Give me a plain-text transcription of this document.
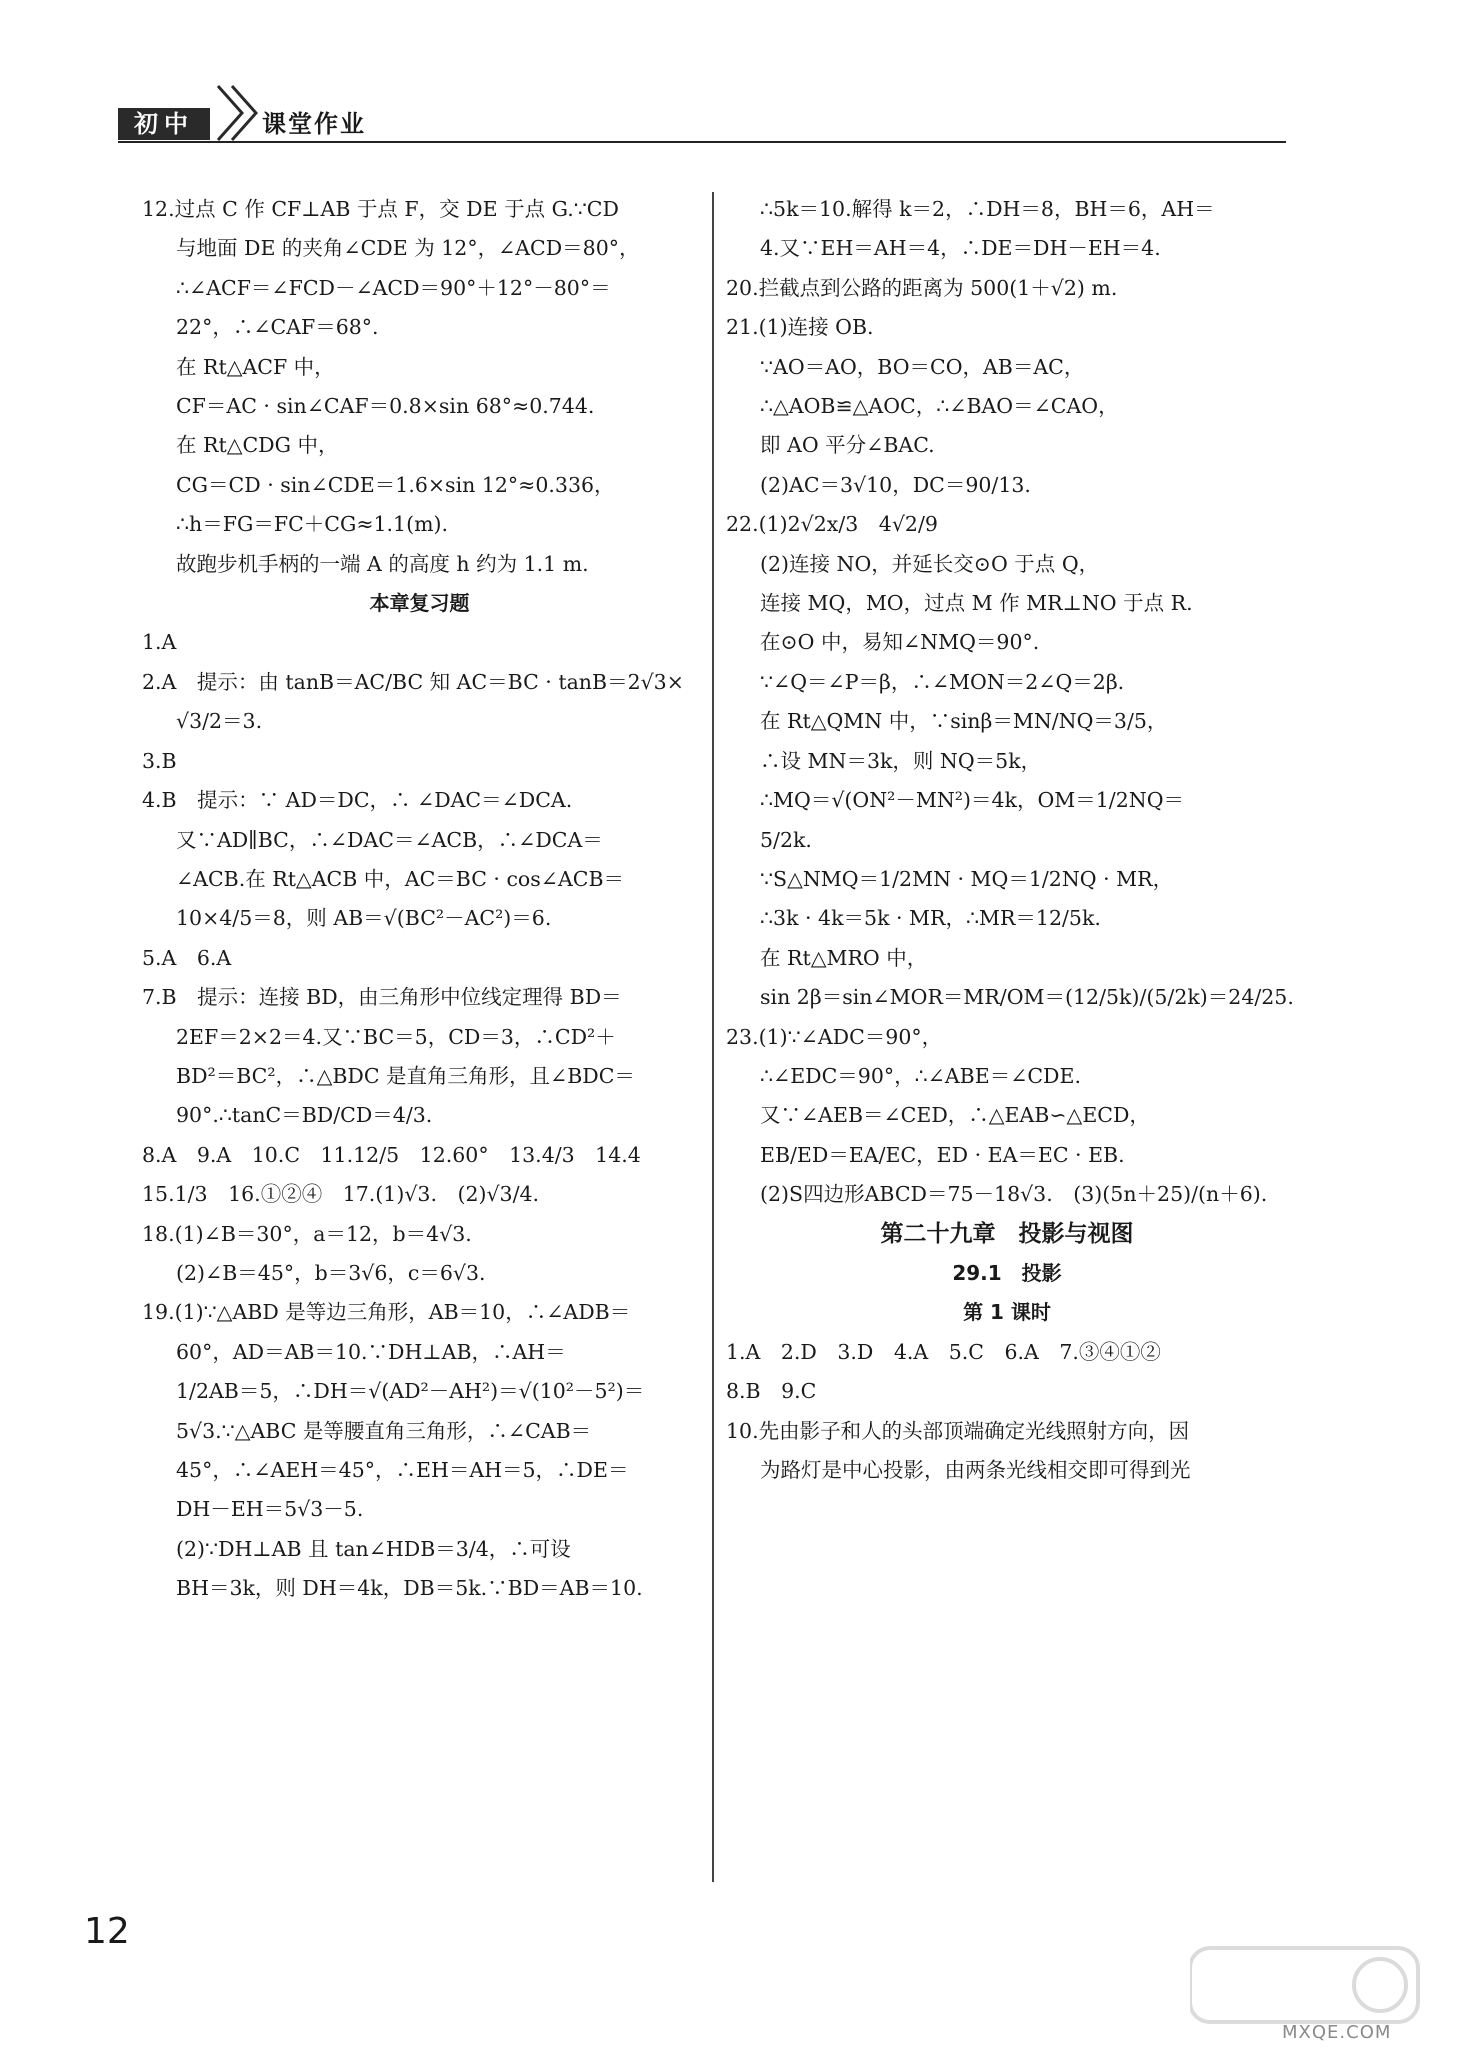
初中	课堂作业
12.过点 C 作 CF⊥AB 于点 F，交 DE 于点 G.∵CD
与地面 DE 的夹角∠CDE 为 12°，∠ACD＝80°，
∴∠ACF＝∠FCD－∠ACD＝90°＋12°－80°＝
22°，∴∠CAF＝68°.
在 Rt△ACF 中，
CF＝AC · sin∠CAF＝0.8×sin 68°≈0.744.
在 Rt△CDG 中，
CG＝CD · sin∠CDE＝1.6×sin 12°≈0.336，
∴h＝FG＝FC＋CG≈1.1(m).
故跑步机手柄的一端 A 的高度 h 约为 1.1 m.
本章复习题
1.A
2.A　提示：由 tanB＝AC/BC 知 AC＝BC · tanB＝2√3×
√3/2＝3.
3.B
4.B　提示：∵ AD＝DC，∴ ∠DAC＝∠DCA.
又∵AD∥BC，∴∠DAC＝∠ACB，∴∠DCA＝
∠ACB.在 Rt△ACB 中，AC＝BC · cos∠ACB＝
10×4/5＝8，则 AB＝√(BC²－AC²)＝6.
5.A　6.A
7.B　提示：连接 BD，由三角形中位线定理得 BD＝
2EF＝2×2＝4.又∵BC＝5，CD＝3，∴CD²＋
BD²＝BC²，∴△BDC 是直角三角形，且∠BDC＝
90°.∴tanC＝BD/CD＝4/3.
8.A　9.A　10.C　11.12/5　12.60°　13.4/3　14.4
15.1/3　16.①②④　17.(1)√3.　(2)√3/4.
18.(1)∠B＝30°，a＝12，b＝4√3.
(2)∠B＝45°，b＝3√6，c＝6√3.
19.(1)∵△ABD 是等边三角形，AB＝10，∴∠ADB＝
60°，AD＝AB＝10.∵DH⊥AB，∴AH＝
1/2AB＝5，∴DH＝√(AD²－AH²)＝√(10²－5²)＝
5√3.∵△ABC 是等腰直角三角形，∴∠CAB＝
45°，∴∠AEH＝45°，∴EH＝AH＝5，∴DE＝
DH－EH＝5√3－5.
(2)∵DH⊥AB 且 tan∠HDB＝3/4，∴可设
BH＝3k，则 DH＝4k，DB＝5k.∵BD＝AB＝10.
∴5k＝10.解得 k＝2，∴DH＝8，BH＝6，AH＝
4.又∵EH＝AH＝4，∴DE＝DH－EH＝4.
20.拦截点到公路的距离为 500(1＋√2) m.
21.(1)连接 OB.
∵AO＝AO，BO＝CO，AB＝AC，
∴△AOB≌△AOC，∴∠BAO＝∠CAO，
即 AO 平分∠BAC.
(2)AC＝3√10，DC＝90/13.
22.(1)2√2x/3　4√2/9
(2)连接 NO，并延长交⊙O 于点 Q，
连接 MQ，MO，过点 M 作 MR⊥NO 于点 R.
在⊙O 中，易知∠NMQ＝90°.
∵∠Q＝∠P＝β，∴∠MON＝2∠Q＝2β.
在 Rt△QMN 中，∵sinβ＝MN/NQ＝3/5，
∴设 MN＝3k，则 NQ＝5k，
∴MQ＝√(ON²－MN²)＝4k，OM＝1/2NQ＝
5/2k.
∵S△NMQ＝1/2MN · MQ＝1/2NQ · MR，
∴3k · 4k＝5k · MR，∴MR＝12/5k.
在 Rt△MRO 中，
sin 2β＝sin∠MOR＝MR/OM＝(12/5k)/(5/2k)＝24/25.
23.(1)∵∠ADC＝90°，
∴∠EDC＝90°，∴∠ABE＝∠CDE.
又∵∠AEB＝∠CED，∴△EAB∽△ECD，
EB/ED＝EA/EC，ED · EA＝EC · EB.
(2)S四边形ABCD＝75－18√3.　(3)(5n＋25)/(n＋6).
第二十九章　投影与视图
29.1　投影
第 1 课时
1.A　2.D　3.D　4.A　5.C　6.A　7.③④①②
8.B　9.C
10.先由影子和人的头部顶端确定光线照射方向，因
为路灯是中心投影，由两条光线相交即可得到光
12
MXQE.COM
